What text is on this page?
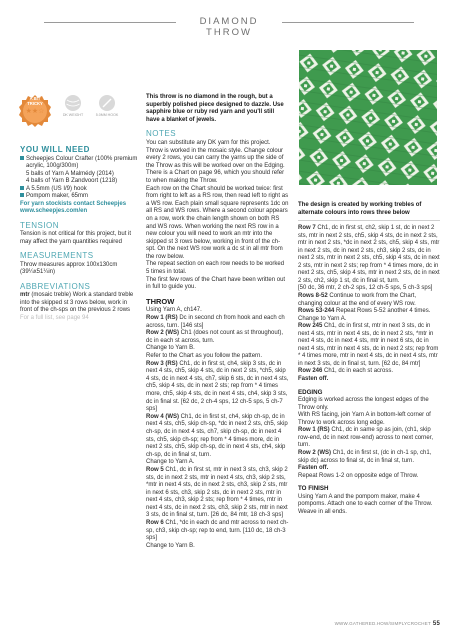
DIAMOND THROW
A BIT
TRICKY
★★☆	DK WEIGHT	5.0MM HOOK
YOU WILL NEED
Scheepjes Colour Crafter (100% premium acrylic, 100g/300m)
5 balls of Yarn A Malmédy (2014)
4 balls of Yarn B Zandvoort (1218)
A 5.5mm (US I/9) hook
Pompom maker, 65mm
For yarn stockists contact Scheepjes
www.scheepjes.com/en
TENSION
Tension is not critical for this project, but it may affect the yarn quantities required
MEASUREMENTS
Throw measures approx 100x130cm (39¼x51¼in)
ABBREVIATIONS
mtr (mosaic treble) Work a standard treble into the skipped st 3 rows below, work in front of the ch-sps on the previous 2 rows
For a full list, see page 94
This throw is no diamond in the rough, but a superbly polished piece designed to dazzle. Use sapphire blue or ruby red yarn and you'll still have a blanket of jewels.
NOTES
You can substitute any DK yarn for this project.
Throw is worked in the mosaic style. Change colour every 2 rows, you can carry the yarns up the side of the Throw as this will be worked over on the Edging.
There is a Chart on page 96, which you should refer to when making the Throw.
Each row on the Chart should be worked twice: first from right to left as a RS row, then read left to right as a WS row. Each plain small square represents 1dc on all RS and WS rows. Where a second colour appears on a row, work the chain length shown on both RS and WS rows. When working the next RS row in a new colour you will need to work an mtr into the skipped st 3 rows below, working in front of the ch-spt. On the next WS row work a dc st in all mtr from the row below.
The repeat section on each row needs to be worked 5 times in total.
The first few rows of the Chart have been written out in full to guide you.
THROW
Using Yarn A, ch147.
Row 1 (RS) Dc in second ch from hook and each ch across, turn. [146 sts]
Row 2 (WS) Ch1 (does not count as st throughout), dc in each st across, turn.
Change to Yarn B.
Refer to the Chart as you follow the pattern.
Row 3 (RS) Ch1, dc in first st, ch4, skip 3 sts, dc in next 4 sts, ch5, skip 4 sts, dc in next 2 sts, *ch5, skip 4 sts, dc in next 4 sts, ch7, skip 6 sts, dc in next 4 sts, ch5, skip 4 sts, dc in next 2 sts; rep from * 4 times more, ch5, skip 4 sts, dc in next 4 sts, ch4, skip 3 sts, dc in final st. [62 dc, 2 ch-4 sps, 12 ch-5 sps, 5 ch-7 sps]
Row 4 (WS) Ch1, dc in first st, ch4, skip ch-sp, dc in next 4 sts, ch5, skip ch-sp, *dc in next 2 sts, ch5, skip ch-sp, dc in next 4 sts, ch7, skip ch-sp, dc in next 4 sts, ch5, skip ch-sp; rep from * 4 times more, dc in next 2 sts, ch5, skip ch-sp, dc in next 4 sts, ch4, skip ch-sp, dc in final st, turn.
Change to Yarn A.
Row 5 Ch1, dc in first st, mtr in next 3 sts, ch3, skip 2 sts, dc in next 2 sts, mtr in next 4 sts, ch3, skip 2 sts, *mtr in next 4 sts, dc in next 2 sts, ch3, skip 2 sts, mtr in next 6 sts, ch3, skip 2 sts, dc in next 2 sts, mtr in next 4 sts, ch3, skip 2 sts; rep from * 4 times, mtr in next 4 sts, dc in next 2 sts, ch3, skip 2 sts, mtr in next 3 sts, dc in final st, turn. [26 dc, 84 mtr, 18 ch-3 sps]
Row 6 Ch1, *dc in each dc and mtr across to next ch-sp, ch3, skip ch-sp; rep to end, turn. [110 dc, 18 ch-3 sps]
Change to Yarn B.
The design is created by working trebles of alternate colours into rows three below
Row 7 Ch1, dc in first st, ch2, skip 1 st, dc in next 2 sts, mtr in next 2 sts, ch5, skip 4 sts, dc in next 2 sts, mtr in next 2 sts, *dc in next 2 sts, ch5, skip 4 sts, mtr in next 2 sts, dc in next 2 sts, ch3, skip 2 sts, dc in next 2 sts, mtr in next 2 sts, ch5, skip 4 sts, dc in next 2 sts, mtr in next 2 sts; rep from * 4 times more, dc in next 2 sts, ch5, skip 4 sts, mtr in next 2 sts, dc in next 2 sts, ch2, skip 1 st, dc in final st, turn.
[50 dc, 36 mtr, 2 ch-2 sps, 12 ch-5 sps, 5 ch-3 sps]
Rows 8-52 Continue to work from the Chart, changing colour at the end of every WS row.
Rows 53-244 Repeat Rows 5-52 another 4 times.
Change to Yarn A.
Row 245 Ch1, dc in first st, mtr in next 3 sts, dc in next 4 sts, mtr in next 4 sts, dc in next 2 sts, *mtr in next 4 sts, dc in next 4 sts, mtr in next 6 sts, dc in next 4 sts, mtr in next 4 sts, dc in next 2 sts; rep from * 4 times more, mtr in next 4 sts, dc in next 4 sts, mtr in next 3 sts, dc in final st, turn. [62 dc, 84 mtr]
Row 246 Ch1, dc in each st across.
Fasten off.
EDGING
Edging is worked across the longest edges of the Throw only.
With RS facing, join Yarn A in bottom-left corner of Throw to work across long edge.
Row 1 (RS) Ch1, dc in same sp as join, (ch1, skip row-end, dc in next row-end) across to next corner, turn.
Row 2 (WS) Ch1, dc in first st, (dc in ch-1 sp, ch1, skip dc) across to final st, dc in final st, turn.
Fasten off.
Repeat Rows 1-2 on opposite edge of Throw.
TO FINISH
Using Yarn A and the pompom maker, make 4 pompoms. Attach one to each corner of the Throw.
Weave in all ends.
WWW.GATHERED.HOW/SIMPLYCROCHET 55
